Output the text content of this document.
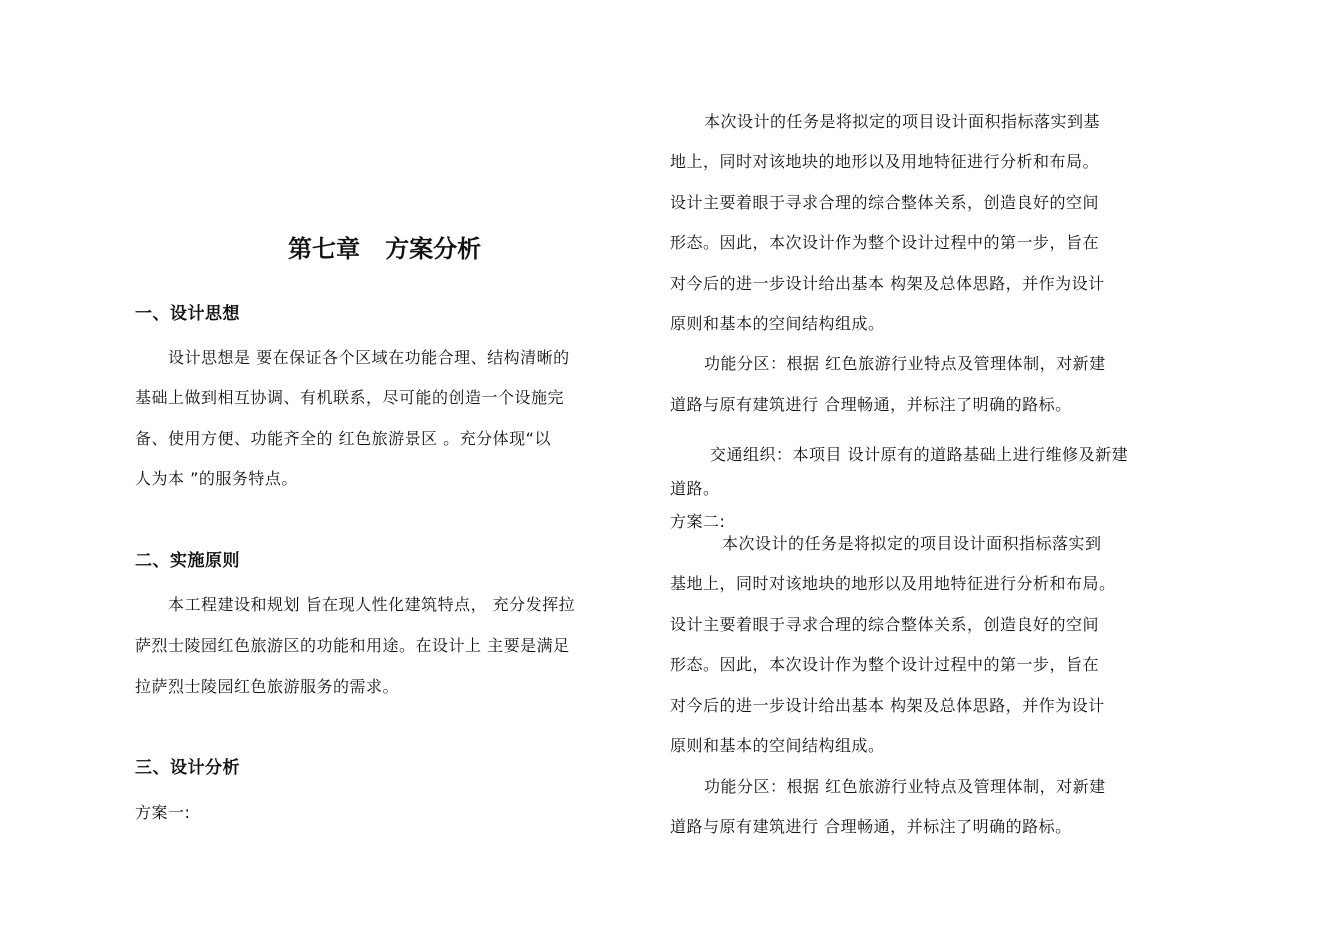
第七章   方案分析
一、设计思想
设计思想是 要在保证各个区域在功能合理、结构清晰的
基础上做到相互协调、有机联系，尽可能的创造一个设施完
备、使用方便、功能齐全的 红色旅游景区 。充分体现“以
人为本 ”的服务特点。
二、实施原则
本工程建设和规划 旨在现人性化建筑特点， 充分发挥拉
萨烈士陵园红色旅游区的功能和用途。在设计上 主要是满足
拉萨烈士陵园红色旅游服务的需求。
三、设计分析
方案一:
本次设计的任务是将拟定的项目设计面积指标落实到基
地上，同时对该地块的地形以及用地特征进行分析和布局。
设计主要着眼于寻求合理的综合整体关系，创造良好的空间
形态。因此，本次设计作为整个设计过程中的第一步，旨在
对今后的进一步设计给出基本 构架及总体思路，并作为设计
原则和基本的空间结构组成。
功能分区：根据 红色旅游行业特点及管理体制，对新建
道路与原有建筑进行 合理畅通，并标注了明确的路标。
交通组织：本项目 设计原有的道路基础上进行维修及新建
道路。
方案二:
本次设计的任务是将拟定的项目设计面积指标落实到
基地上，同时对该地块的地形以及用地特征进行分析和布局。
设计主要着眼于寻求合理的综合整体关系，创造良好的空间
形态。因此，本次设计作为整个设计过程中的第一步，旨在
对今后的进一步设计给出基本 构架及总体思路，并作为设计
原则和基本的空间结构组成。
功能分区：根据 红色旅游行业特点及管理体制，对新建
道路与原有建筑进行 合理畅通，并标注了明确的路标。
